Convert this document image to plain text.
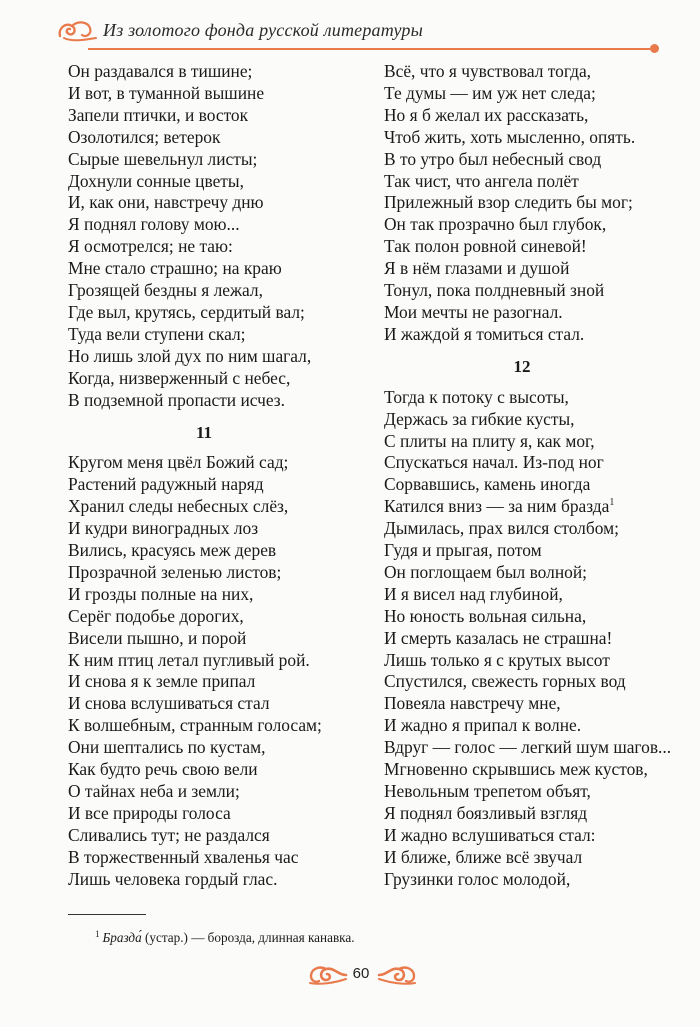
Из золотого фонда русской литературы
Он раздавался в тишине;
И вот, в туманной вышине
Запели птички, и восток
Озолотился; ветерок
Сырые шевельнул листы;
Дохнули сонные цветы,
И, как они, навстречу дню
Я поднял голову мою...
Я осмотрелся; не таю:
Мне стало страшно; на краю
Грозящей бездны я лежал,
Где выл, крутясь, сердитый вал;
Туда вели ступени скал;
Но лишь злой дух по ним шагал,
Когда, низверженный с небес,
В подземной пропасти исчез.
11
Кругом меня цвёл Божий сад;
Растений радужный наряд
Хранил следы небесных слёз,
И кудри виноградных лоз
Вились, красуясь меж дерев
Прозрачной зеленью листов;
И грозды полные на них,
Серёг подобье дорогих,
Висели пышно, и порой
К ним птиц летал пугливый рой.
И снова я к земле припал
И снова вслушиваться стал
К волшебным, странным голосам;
Они шептались по кустам,
Как будто речь свою вели
О тайнах неба и земли;
И все природы голоса
Сливались тут; не раздался
В торжественный хваленья час
Лишь человека гордый глас.
Всё, что я чувствовал тогда,
Те думы — им уж нет следа;
Но я б желал их рассказать,
Чтоб жить, хоть мысленно, опять.
В то утро был небесный свод
Так чист, что ангела полёт
Прилежный взор следить бы мог;
Он так прозрачно был глубок,
Так полон ровной синевой!
Я в нём глазами и душой
Тонул, пока полдневный зной
Мои мечты не разогнал.
И жаждой я томиться стал.
12
Тогда к потоку с высоты,
Держась за гибкие кусты,
С плиты на плиту я, как мог,
Спускаться начал. Из-под ног
Сорвавшись, камень иногда
Катился вниз — за ним бразда$^1$
Дымилась, прах вился столбом;
Гудя и прыгая, потом
Он поглощаем был волной;
И я висел над глубиной,
Но юность вольная сильна,
И смерть казалась не страшна!
Лишь только я с крутых высот
Спустился, свежесть горных вод
Повеяла навстречу мне,
И жадно я припал к волне.
Вдруг — голос — легкий шум шагов...
Мгновенно скрывшись меж кустов,
Невольным трепетом объят,
Я поднял боязливый взгляд
И жадно вслушиваться стал:
И ближе, ближе всё звучал
Грузинки голос молодой,
$^1$ Бразда́ (устар.) — борозда, длинная канавка.
60
